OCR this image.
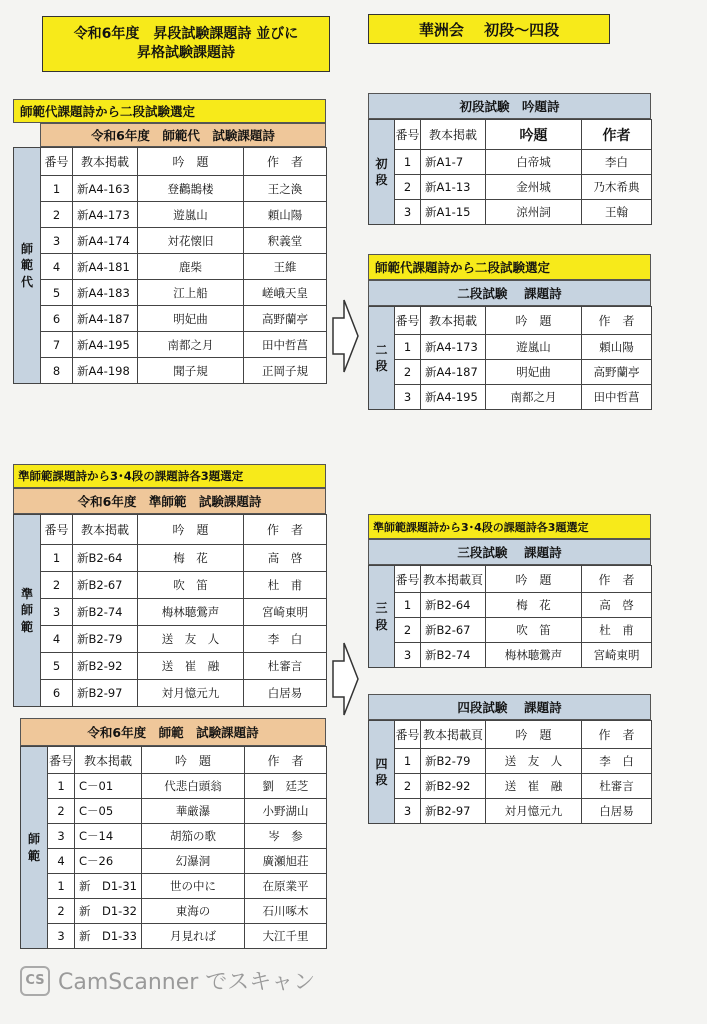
令和6年度　昇段試験課題詩 並びに
昇格試験課題詩
華洲会　 初段～四段
師範代課題詩から二段試験選定
令和6年度　師範代　試験課題詩
師
範
代	番号	教本掲載	吟　題	作　者
	1	新A4-163	登鸛鵲楼	王之渙
	2	新A4-173	遊嵐山	頼山陽
	3	新A4-174	対花懐旧	釈義堂
	4	新A4-181	鹿柴	王維
	5	新A4-183	江上船	嵯峨天皇
	6	新A4-187	明妃曲	高野蘭亭
	7	新A4-195	南都之月	田中哲菖
	8	新A4-198	聞子規	正岡子規
初段試験　吟題詩
初
段	番号	教本掲載	吟題	作者
	1	新A1-7	白帝城	李白
	2	新A1-13	金州城	乃木希典
	3	新A1-15	涼州詞	王翰
師範代課題詩から二段試験選定
二段試験　 課題詩
二
段	番号	教本掲載	吟　題	作　者
	1	新A4-173	遊嵐山	頼山陽
	2	新A4-187	明妃曲	高野蘭亭
	3	新A4-195	南都之月	田中哲菖
準師範課題詩から3･4段の課題詩各3題選定
令和6年度　準師範　試験課題詩
準
師
範	番号	教本掲載	吟　題	作　者
	1	新B2-64	梅　花	高　啓
	2	新B2-67	吹　笛	杜　甫
	3	新B2-74	梅林聴鶯声	宮崎東明
	4	新B2-79	送　友　人	李　白
	5	新B2-92	送　崔　融	杜審言
	6	新B2-97	対月憶元九	白居易
令和6年度　師範　試験課題詩
師
範	番号	教本掲載	吟　題	作　者
	1	C－01	代悲白頭翁	劉　廷芝
	2	C－05	華厳瀑	小野湖山
	3	C－14	胡笳の歌	岑　参
	4	C－26	幻瀑洞	廣瀬旭荘
	1	新　D1-31	世の中に	在原業平
	2	新　D1-32	東海の	石川啄木
	3	新　D1-33	月見れば	大江千里
準師範課題詩から3･4段の課題詩各3題選定
三段試験　 課題詩
三
段	番号	教本掲載頁	吟　題	作　者
	1	新B2-64	梅　花	高　啓
	2	新B2-67	吹　笛	杜　甫
	3	新B2-74	梅林聴鶯声	宮崎東明
四段試験　 課題詩
四
段	番号	教本掲載頁	吟　題	作　者
	1	新B2-79	送　友　人	李　白
	2	新B2-92	送　崔　融	杜審言
	3	新B2-97	対月憶元九	白居易
CS CamScanner でスキャン
